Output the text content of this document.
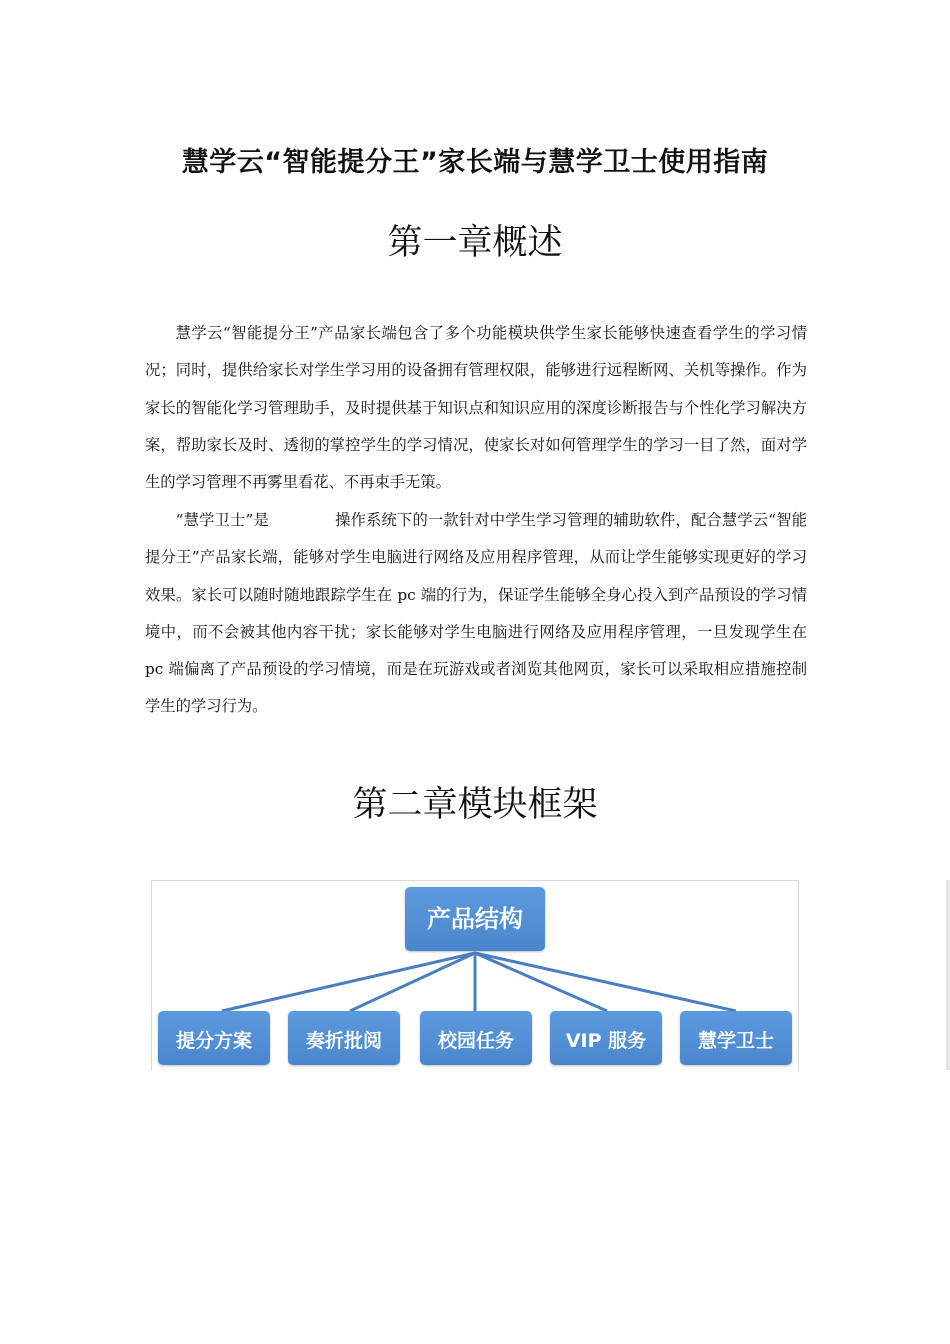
慧学云“智能提分王”家长端与慧学卫士使用指南
第一章概述

慧学云“智能提分王”产品家长端包含了多个功能模块供学生家长能够快速查看学生的学习情况；同时，提供给家长对学生学习用的设备拥有管理权限，能够进行远程断网、关机等操作。作为家长的智能化学习管理助手，及时提供基于知识点和知识应用的深度诊断报告与个性化学习解决方案，帮助家长及时、透彻的掌控学生的学习情况，使家长对如何管理学生的学习一目了然，面对学生的学习管理不再雾里看花、不再束手无策。

“慧学卫士”是	操作系统下的一款针对中学生学习管理的辅助软件，配合慧学云“智能提分王”产品家长端，能够对学生电脑进行网络及应用程序管理，从而让学生能够实现更好的学习效果。家长可以随时随地跟踪学生在 pc 端的行为，保证学生能够全身心投入到产品预设的学习情境中，而不会被其他内容干扰；家长能够对学生电脑进行网络及应用程序管理，一旦发现学生在 pc 端偏离了产品预设的学习情境，而是在玩游戏或者浏览其他网页，家长可以采取相应措施控制学生的学习行为。

第二章模块框架
产品结构
提分方案	奏折批阅	校园任务	VIP 服务	慧学卫士
